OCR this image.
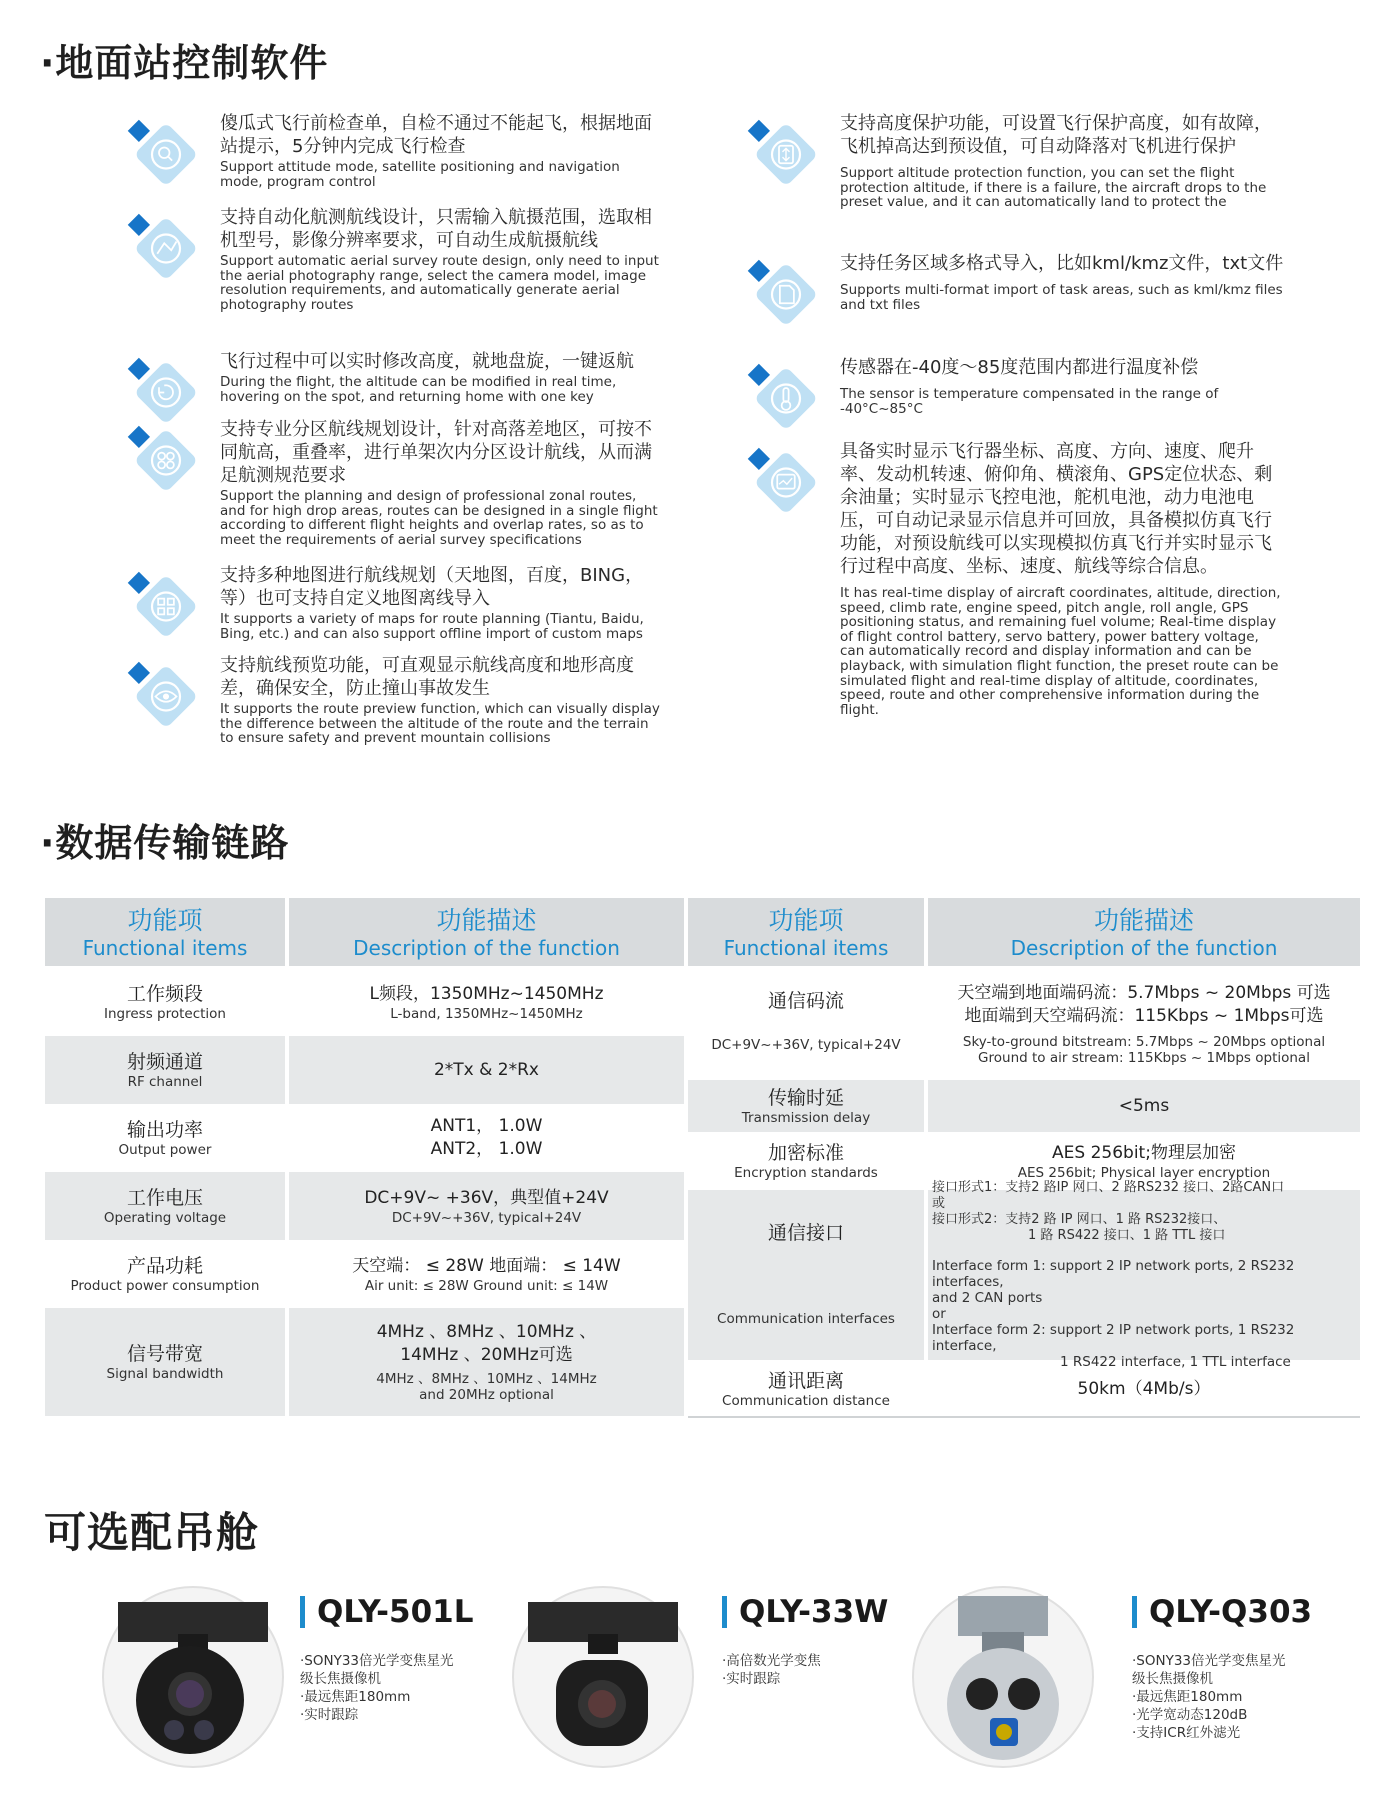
·地面站控制软件
傻瓜式飞行前检查单，自检不通过不能起飞，根据地面站提示，5分钟内完成飞行检查
Support attitude mode, satellite positioning and navigation mode, program control
支持自动化航测航线设计，只需输入航摄范围，选取相机型号，影像分辨率要求，可自动生成航摄航线
Support automatic aerial survey route design, only need to input the aerial photography range, select the camera model, image resolution requirements, and automatically generate aerial photography routes
飞行过程中可以实时修改高度，就地盘旋，一键返航
During the flight, the altitude can be modified in real time, hovering on the spot, and returning home with one key
支持专业分区航线规划设计，针对高落差地区，可按不同航高，重叠率，进行单架次内分区设计航线，从而满足航测规范要求
Support the planning and design of professional zonal routes, and for high drop areas, routes can be designed in a single flight according to different flight heights and overlap rates, so as to meet the requirements of aerial survey specifications
支持多种地图进行航线规划（天地图，百度，BING，等）也可支持自定义地图离线导入
It supports a variety of maps for route planning (Tiantu, Baidu, Bing, etc.) and can also support offline import of custom maps
支持航线预览功能，可直观显示航线高度和地形高度差，确保安全，防止撞山事故发生
It supports the route preview function, which can visually display the difference between the altitude of the route and the terrain to ensure safety and prevent mountain collisions
支持高度保护功能，可设置飞行保护高度，如有故障，飞机掉高达到预设值，可自动降落对飞机进行保护
Support altitude protection function, you can set the flight protection altitude, if there is a failure, the aircraft drops to the preset value, and it can automatically land to protect the
支持任务区域多格式导入，比如kml/kmz文件，txt文件
Supports multi-format import of task areas, such as kml/kmz files and txt files
传感器在-40度～85度范围内都进行温度补偿
The sensor is temperature compensated in the range of -40°C~85°C
具备实时显示飞行器坐标、高度、方向、速度、爬升率、发动机转速、俯仰角、横滚角、GPS定位状态、剩余油量；实时显示飞控电池，舵机电池，动力电池电压，可自动记录显示信息并可回放，具备模拟仿真飞行功能，对预设航线可以实现模拟仿真飞行并实时显示飞行过程中高度、坐标、速度、航线等综合信息。
It has real-time display of aircraft coordinates, altitude, direction, speed, climb rate, engine speed, pitch angle, roll angle, GPS positioning status, and remaining fuel volume; Real-time display of flight control battery, servo battery, power battery voltage, can automatically record and display information and can be playback, with simulation flight function, the preset route can be simulated flight and real-time display of altitude, coordinates, speed, route and other comprehensive information during the flight.
·数据传输链路
功能项
Functional items
功能描述
Description of the function
功能项
Functional items
功能描述
Description of the function
工作频段
Ingress protection
L频段，1350MHz~1450MHz
L-band, 1350MHz~1450MHz
射频通道
RF channel
2*Tx & 2*Rx
输出功率
Output power
ANT1， 1.0W
ANT2， 1.0W
工作电压
Operating voltage
DC+9V~ +36V，典型值+24V
DC+9V~+36V, typical+24V
产品功耗
Product power consumption
天空端： ≤ 28W 地面端： ≤ 14W
Air unit: ≤ 28W Ground unit: ≤ 14W
信号带宽
Signal bandwidth
4MHz 、8MHz 、10MHz 、
14MHz 、20MHz可选
4MHz 、8MHz 、10MHz 、14MHz
and 20MHz optional
通信码流
DC+9V~+36V, typical+24V
天空端到地面端码流：5.7Mbps ~ 20Mbps 可选
地面端到天空端码流：115Kbps ~ 1Mbps可选
Sky-to-ground bitstream: 5.7Mbps ~ 20Mbps optional
Ground to air stream: 115Kbps ~ 1Mbps optional
传输时延
Transmission delay
<5ms
加密标准
Encryption standards
AES 256bit;物理层加密
AES 256bit; Physical layer encryption
通信接口
Communication interfaces
接口形式1：支持2 路IP 网口、2 路RS232 接口、2路CAN口
或
接口形式2：支持2 路 IP 网口、1 路 RS232接口、
1 路 RS422 接口、1 路 TTL 接口
Interface form 1: support 2 IP network ports, 2 RS232 interfaces,
and 2 CAN ports
or
Interface form 2: support 2 IP network ports, 1 RS232 interface,
1 RS422 interface, 1 TTL interface
通讯距离
Communication distance
50km（4Mb/s）
可选配吊舱
QLY-501L
·SONY33倍光学变焦星光
级长焦摄像机
·最远焦距180mm
·实时跟踪
QLY-33W
·高倍数光学变焦
·实时跟踪
QLY-Q303
·SONY33倍光学变焦星光
级长焦摄像机
·最远焦距180mm
·光学宽动态120dB
·支持ICR红外滤光
